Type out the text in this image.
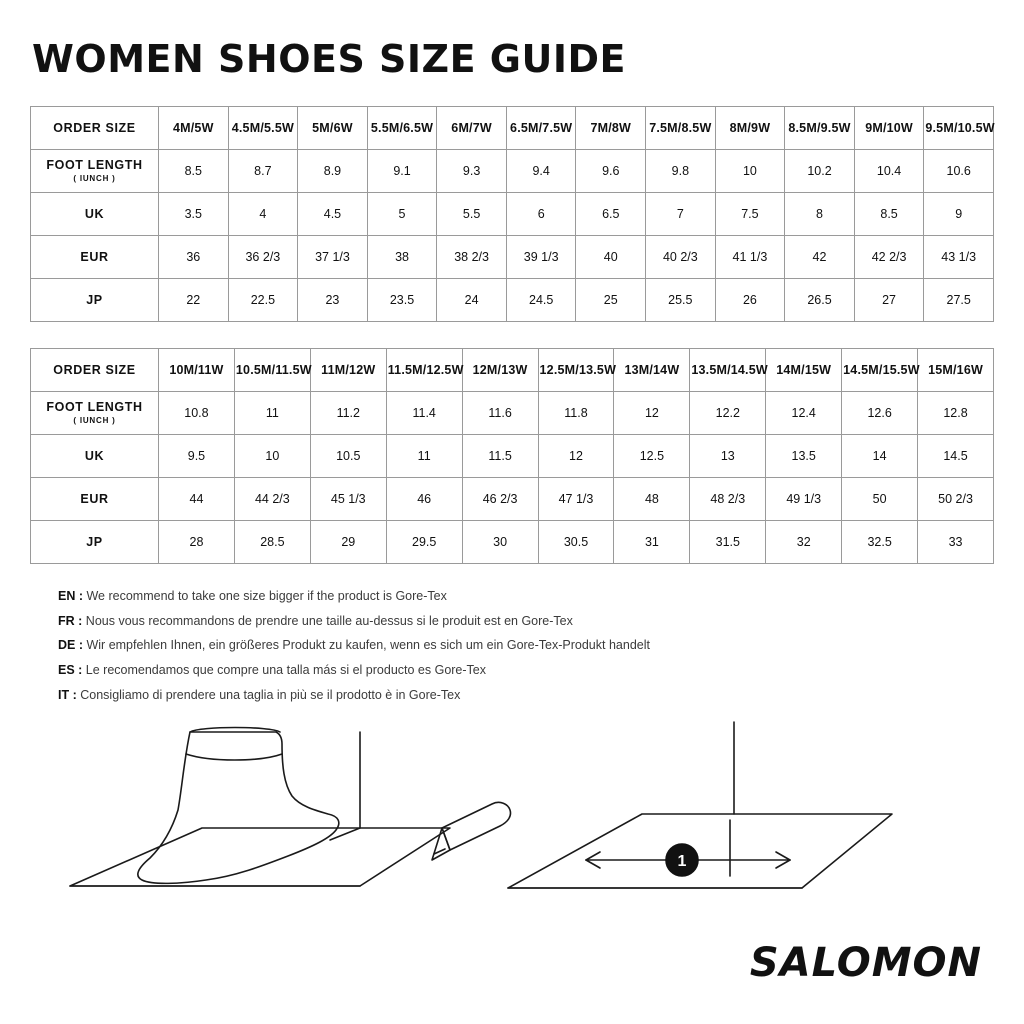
WOMEN SHOES SIZE GUIDE
ORDER SIZE	4M/5W	4.5M/5.5W	5M/6W	5.5M/6.5W	6M/7W	6.5M/7.5W	7M/8W	7.5M/8.5W	8M/9W	8.5M/9.5W	9M/10W	9.5M/10.5W
FOOT LENGTH
( IUNCH )	8.5	8.7	8.9	9.1	9.3	9.4	9.6	9.8	10	10.2	10.4	10.6
UK	3.5	4	4.5	5	5.5	6	6.5	7	7.5	8	8.5	9
EUR	36	36 2/3	37 1/3	38	38 2/3	39 1/3	40	40 2/3	41 1/3	42	42 2/3	43 1/3
JP	22	22.5	23	23.5	24	24.5	25	25.5	26	26.5	27	27.5
ORDER SIZE	10M/11W	10.5M/11.5W	11M/12W	11.5M/12.5W	12M/13W	12.5M/13.5W	13M/14W	13.5M/14.5W	14M/15W	14.5M/15.5W	15M/16W
FOOT LENGTH
( IUNCH )	10.8	11	11.2	11.4	11.6	11.8	12	12.2	12.4	12.6	12.8
UK	9.5	10	10.5	11	11.5	12	12.5	13	13.5	14	14.5
EUR	44	44 2/3	45 1/3	46	46 2/3	47 1/3	48	48 2/3	49 1/3	50	50 2/3
JP	28	28.5	29	29.5	30	30.5	31	31.5	32	32.5	33
EN : We recommend to take one size bigger if the product is Gore-Tex
FR : Nous vous recommandons de prendre une taille au-dessus si le produit est en Gore-Tex
DE : Wir empfehlen Ihnen, ein größeres Produkt zu kaufen, wenn es sich um ein Gore-Tex-Produkt handelt
ES : Le recomendamos que compre una talla más si el producto es Gore-Tex
IT : Consigliamo di prendere una taglia in più se il prodotto è in Gore-Tex
1
SALOMON
